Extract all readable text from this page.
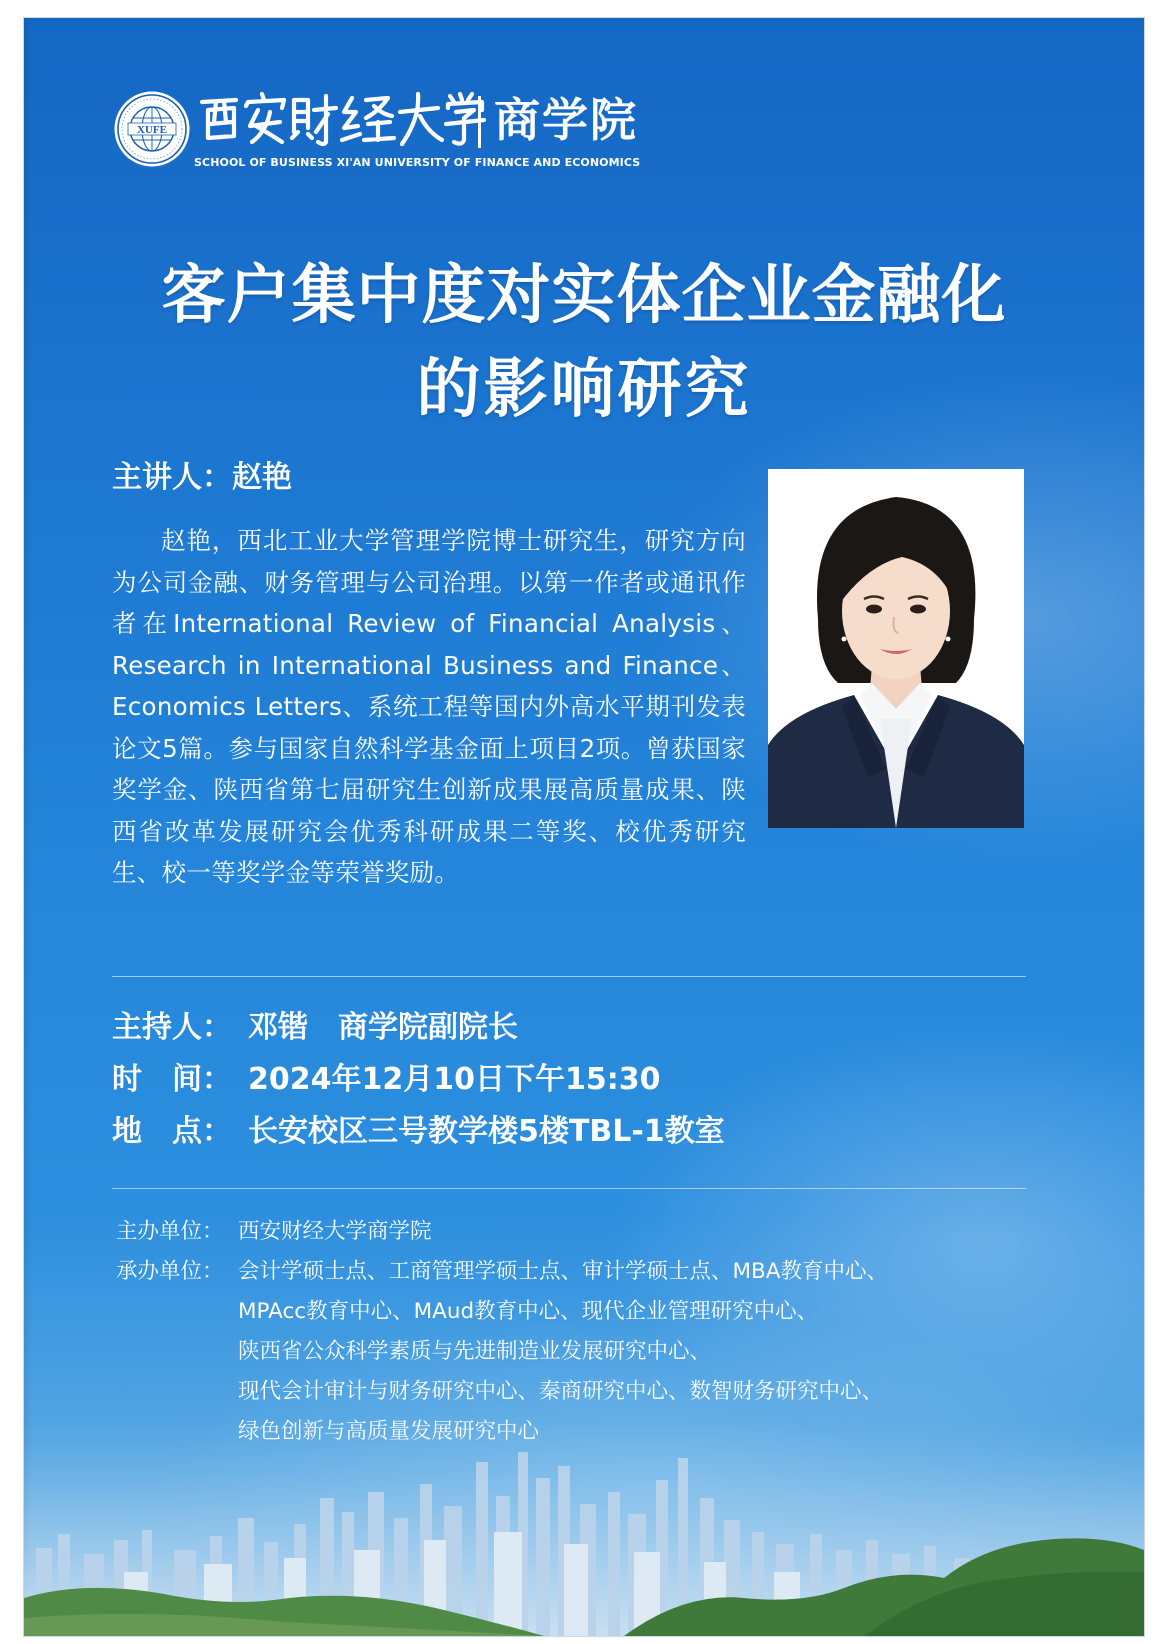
XUFE	商学院
SCHOOL OF BUSINESS XI'AN UNIVERSITY OF FINANCE AND ECONOMICS
客户集中度对实体企业金融化
的影响研究
主讲人：赵艳
赵艳，西北工业大学管理学院博士研究生，研究方向为公司金融、财务管理与公司治理。以第一作者或通讯作者在International Review of Financial Analysis、Research in International Business and Finance、Economics Letters、系统工程等国内外高水平期刊发表论文5篇。参与国家自然科学基金面上项目2项。曾获国家奖学金、陕西省第七届研究生创新成果展高质量成果、陕西省改革发展研究会优秀科研成果二等奖、校优秀研究生、校一等奖学金等荣誉奖励。
主持人： 邓锴 商学院副院长
时　间： 2024年12月10日下午15:30
地　点： 长安校区三号教学楼5楼TBL-1教室
主办单位： 西安财经大学商学院
承办单位： 会计学硕士点、工商管理学硕士点、审计学硕士点、MBA教育中心、
MPAcc教育中心、MAud教育中心、现代企业管理研究中心、
陕西省公众科学素质与先进制造业发展研究中心、
现代会计审计与财务研究中心、秦商研究中心、数智财务研究中心、
